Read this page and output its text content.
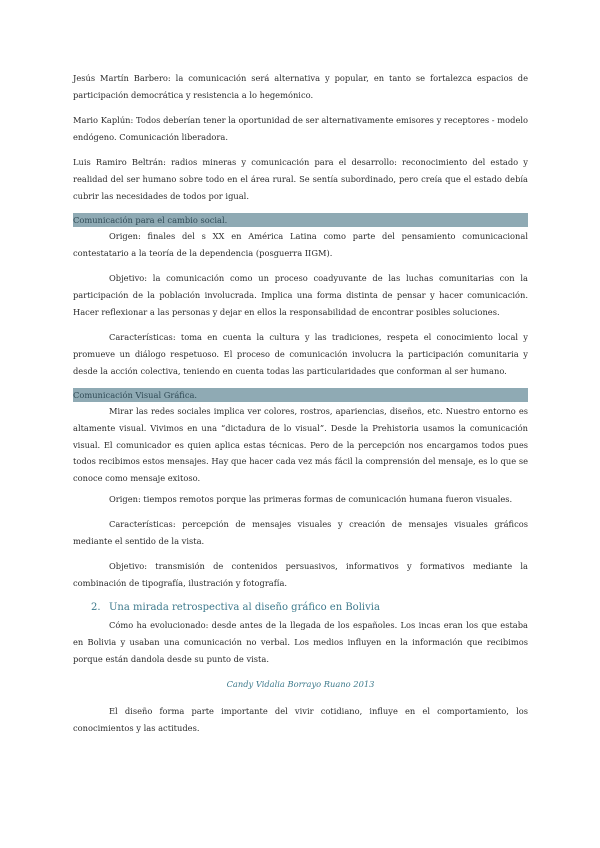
Jesús Martín Barbero: la comunicación será alternativa y popular, en tanto se fortalezca espacios de participación democrática y resistencia a lo hegemónico.

Mario Kaplún: Todos deberían tener la oportunidad de ser alternativamente emisores y receptores - modelo endógeno. Comunicación liberadora.

Luis Ramiro Beltrán: radios mineras y comunicación para el desarrollo: reconocimiento del estado y realidad del ser humano sobre todo en el área rural. Se sentía subordinado, pero creía que el estado debía cubrir las necesidades de todos por igual.

Comunicación para el cambio social.

Origen: finales del s XX en América Latina como parte del pensamiento comunicacional contestatario a la teoría de la dependencia (posguerra IIGM).

Objetivo: la comunicación como un proceso coadyuvante de las luchas comunitarias con la participación de la población involucrada. Implica una forma distinta de pensar y hacer comunicación. Hacer reflexionar a las personas y dejar en ellos la responsabilidad de encontrar posibles soluciones.

Características: toma en cuenta la cultura y las tradiciones, respeta el conocimiento local y promueve un diálogo respetuoso. El proceso de comunicación involucra la participación comunitaria y desde la acción colectiva, teniendo en cuenta todas las particularidades que conforman al ser humano.

Comunicación Visual Gráfica.

Mirar las redes sociales implica ver colores, rostros, apariencias, diseños, etc. Nuestro entorno es altamente visual. Vivimos en una “dictadura de lo visual”. Desde la Prehistoria usamos la comunicación visual. El comunicador es quien aplica estas técnicas. Pero de la percepción nos encargamos todos pues todos recibimos estos mensajes. Hay que hacer cada vez más fácil la comprensión del mensaje, es lo que se conoce como mensaje exitoso.

Origen: tiempos remotos porque las primeras formas de comunicación humana fueron visuales.

Características: percepción de mensajes visuales y creación de mensajes visuales gráficos mediante el sentido de la vista.

Objetivo: transmisión de contenidos persuasivos, informativos y formativos mediante la combinación de tipografía, ilustración y fotografía.

2. Una mirada retrospectiva al diseño gráfico en Bolivia

Cómo ha evolucionado: desde antes de la llegada de los españoles. Los incas eran los que estaba en Bolivia y usaban una comunicación no verbal. Los medios influyen en la información que recibimos porque están dandola desde su punto de vista.

Candy Vidalia Borrayo Ruano 2013

El diseño forma parte importante del vivir cotidiano, influye en el comportamiento, los conocimientos y las actitudes.
